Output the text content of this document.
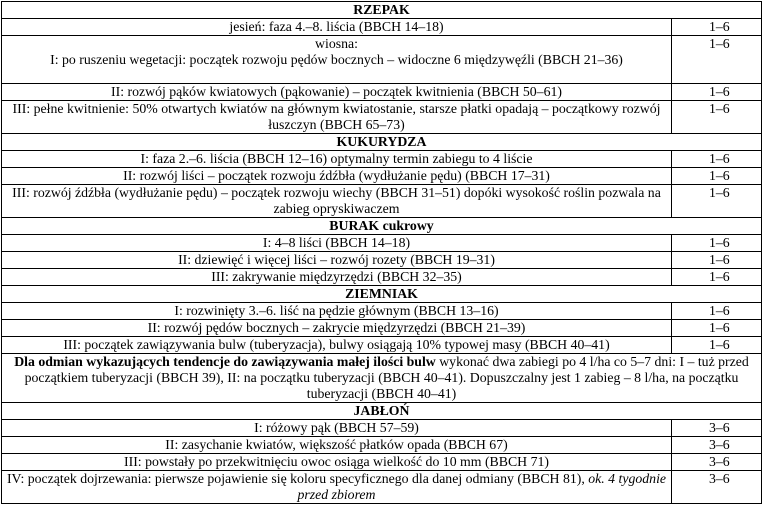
RZEPAK	
jesień: faza 4.–8. liścia (BBCH 14–18)	1–6
wiosna:
I: po ruszeniu wegetacji: początek rozwoju pędów bocznych – widoczne 6 międzywęźli (BBCH 21–36)	1–6
II: rozwój pąków kwiatowych (pąkowanie) – początek kwitnienia (BBCH 50–61)	1–6
III: pełne kwitnienie: 50% otwartych kwiatów na głównym kwiatostanie, starsze płatki opadają – początkowy rozwój łuszczyn (BBCH 65–73)	1–6
KUKURYDZA	
I: faza 2.–6. liścia (BBCH 12–16) optymalny termin zabiegu to 4 liście	1–6
II: rozwój liści – początek rozwoju źdźbła (wydłużanie pędu) (BBCH 17–31)	1–6
III: rozwój źdźbła (wydłużanie pędu) – początek rozwoju wiechy (BBCH 31–51) dopóki wysokość roślin pozwala na zabieg opryskiwaczem	1–6
BURAK cukrowy	
I: 4–8 liści (BBCH 14–18)	1–6
II: dziewięć i więcej liści – rozwój rozety (BBCH 19–31)	1–6
III: zakrywanie międzyrzędzi (BBCH 32–35)	1–6
ZIEMNIAK	
I: rozwinięty 3.–6. liść na pędzie głównym (BBCH 13–16)	1–6
II: rozwój pędów bocznych – zakrycie międzyrzędzi (BBCH 21–39)	1–6
III: początek zawiązywania bulw (tuberyzacja), bulwy osiągają 10% typowej masy (BBCH 40–41)	1–6
Dla odmian wykazujących tendencje do zawiązywania małej ilości bulw wykonać dwa zabiegi po 4 l/ha co 5–7 dni: I – tuż przed początkiem tuberyzacji (BBCH 39), II: na początku tuberyzacji (BBCH 40–41). Dopuszczalny jest 1 zabieg – 8 l/ha, na początku tuberyzacji (BBCH 40–41)	
JABŁOŃ	
I: różowy pąk (BBCH 57–59)	3–6
II: zasychanie kwiatów, większość płatków opada (BBCH 67)	3–6
III: powstały po przekwitnięciu owoc osiąga wielkość do 10 mm (BBCH 71)	3–6
IV: początek dojrzewania: pierwsze pojawienie się koloru specyficznego dla danej odmiany (BBCH 81), ok. 4 tygodnie przed zbiorem	3–6
